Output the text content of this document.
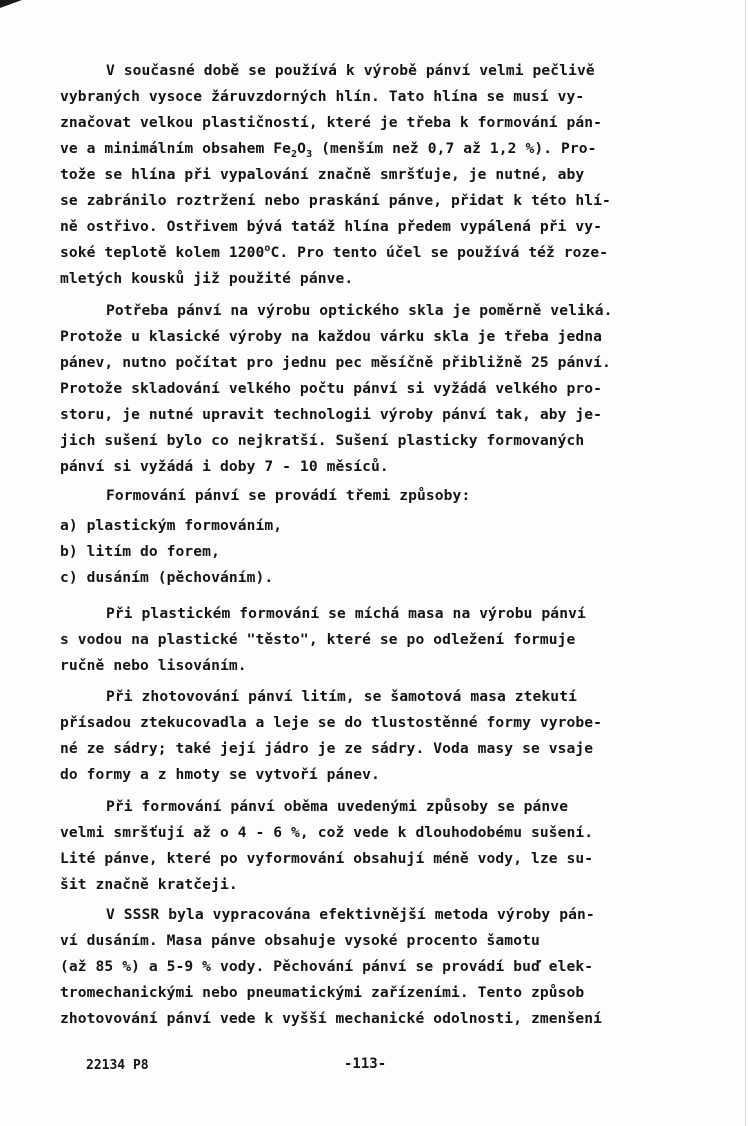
V současné době se používá k výrobě pánví velmi pečlivě
vybraných vysoce žáruvzdorných hlín. Tato hlína se musí vy-
značovat velkou plastičností, které je třeba k formování pán-
ve a minimálním obsahem $Fe_2O_3$ (menším než 0,7 až 1,2 %). Pro-
tože se hlína při vypalování značně smršťuje, je nutné, aby
se zabránilo roztržení nebo praskání pánve, přidat k této hlí-
ně ostřivo. Ostřivem bývá tatáž hlína předem vypálená při vy-
soké teplotě kolem 1200$^o$C. Pro tento účel se používá též roze-
mletých kousků již použité pánve.
Potřeba pánví na výrobu optického skla je poměrně veliká.
Protože u klasické výroby na každou várku skla je třeba jedna
pánev, nutno počítat pro jednu pec měsíčně přibližně 25 pánví.
Protože skladování velkého počtu pánví si vyžádá velkého pro-
storu, je nutné upravit technologii výroby pánví tak, aby je-
jich sušení bylo co nejkratší. Sušení plasticky formovaných
pánví si vyžádá i doby 7 - 10 měsíců.
Formování pánví se provádí třemi způsoby:
a) plastickým formováním,
b) litím do forem,
c) dusáním (pěchováním).
Při plastickém formování se míchá masa na výrobu pánví
s vodou na plastické "těsto", které se po odležení formuje
ručně nebo lisováním.
Při zhotovování pánví litím, se šamotová masa ztekutí
přísadou ztekucovadla a leje se do tlustostěnné formy vyrobe-
né ze sádry; také její jádro je ze sádry. Voda masy se vsaje
do formy a z hmoty se vytvoří pánev.
Při formování pánví oběma uvedenými způsoby se pánve
velmi smršťují až o 4 - 6 %, což vede k dlouhodobému sušení.
Lité pánve, které po vyformování obsahují méně vody, lze su-
šit značně kratčeji.
V SSSR byla vypracována efektivnější metoda výroby pán-
ví dusáním. Masa pánve obsahuje vysoké procento šamotu
(až 85 %) a 5-9 % vody. Pěchování pánví se provádí buď elek-
tromechanickými nebo pneumatickými zařízeními. Tento způsob
zhotovování pánví vede k vyšší mechanické odolnosti, zmenšení
22134 P8	-113-
